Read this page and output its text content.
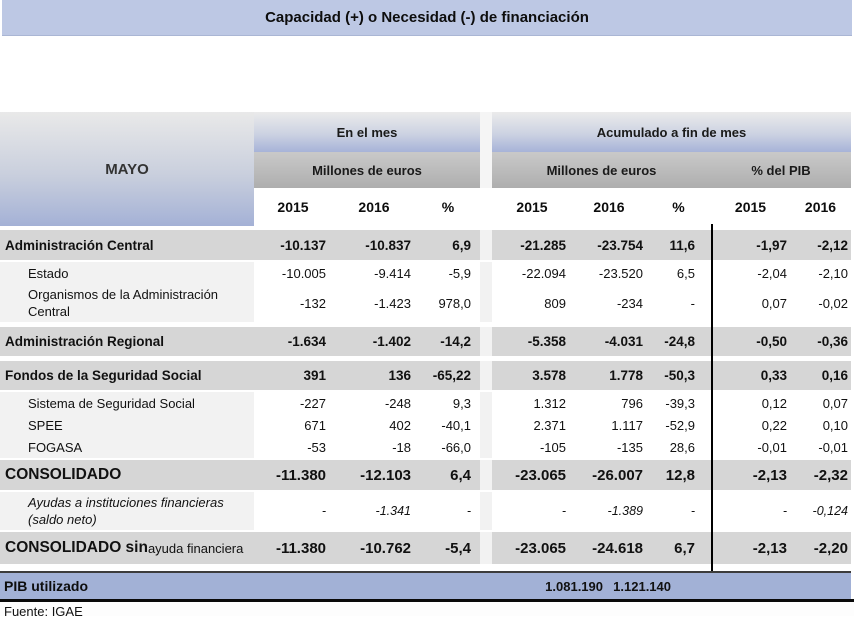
Capacidad (+) o Necesidad (-) de financiación
MAYO
En el mes	Acumulado a fin de mes
Millones de euros	Millones de euros	% del PIB
2015	2016	%	2015	2016	%	2015	2016
Administración Central	-10.137	-10.837	6,9	-21.285	-23.754	11,6	-1,97	-2,12
Estado	-10.005	-9.414	-5,9	-22.094	-23.520	6,5	-2,04	-2,10
Organismos de la Administración
Central
-132	-1.423	978,0	809	-234	-	0,07	-0,02
Administración Regional	-1.634	-1.402	-14,2	-5.358	-4.031	-24,8	-0,50	-0,36
Fondos de la Seguridad Social	391	136	-65,22	3.578	1.778	-50,3	0,33	0,16
Sistema de Seguridad Social	-227	-248	9,3	1.312	796	-39,3	0,12	0,07
SPEE	671	402	-40,1	2.371	1.117	-52,9	0,22	0,10
FOGASA	-53	-18	-66,0	-105	-135	28,6	-0,01	-0,01
CONSOLIDADO	-11.380	-12.103	6,4	-23.065	-26.007	12,8	-2,13	-2,32
Ayudas a instituciones financieras
(saldo neto)
-	-1.341	-	-	-1.389	-	-	-0,124
CONSOLIDADO sin ayuda financiera	-11.380	-10.762	-5,4	-23.065	-24.618	6,7	-2,13	-2,20
PIB utilizado	1.081.190 1.121.140
Fuente: IGAE
